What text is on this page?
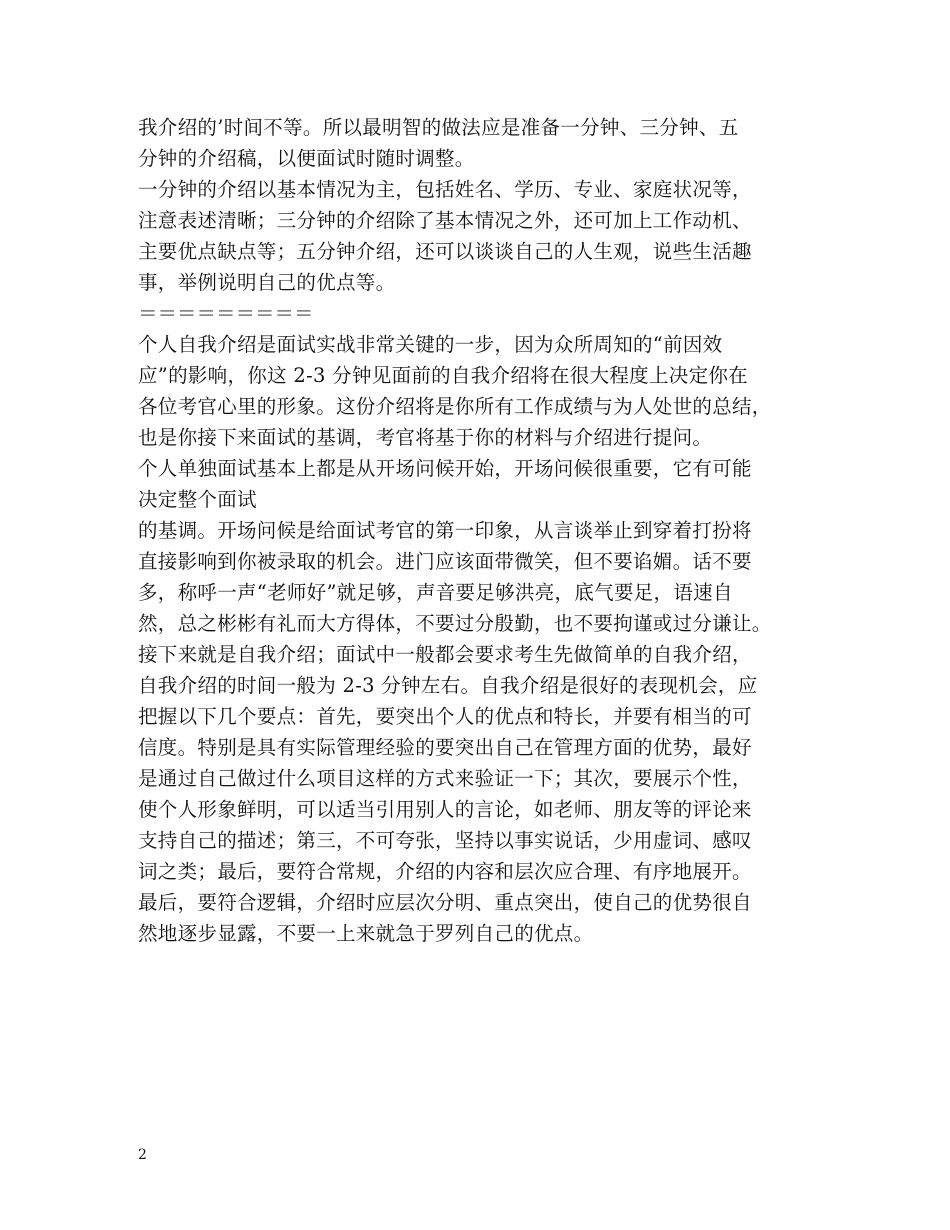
我介绍的’时间不等。所以最明智的做法应是准备一分钟、三分钟、五
分钟的介绍稿，以便面试时随时调整。
一分钟的介绍以基本情况为主，包括姓名、学历、专业、家庭状况等，
注意表述清晰；三分钟的介绍除了基本情况之外，还可加上工作动机、
主要优点缺点等；五分钟介绍，还可以谈谈自己的人生观，说些生活趣
事，举例说明自己的优点等。
＝＝＝＝＝＝＝＝＝
个人自我介绍是面试实战非常关键的一步，因为众所周知的“前因效
应”的影响，你这 2-3 分钟见面前的自我介绍将在很大程度上决定你在
各位考官心里的形象。这份介绍将是你所有工作成绩与为人处世的总结，
也是你接下来面试的基调，考官将基于你的材料与介绍进行提问。
个人单独面试基本上都是从开场问候开始，开场问候很重要，它有可能
决定整个面试
的基调。开场问候是给面试考官的第一印象，从言谈举止到穿着打扮将
直接影响到你被录取的机会。进门应该面带微笑，但不要谄媚。话不要
多，称呼一声“老师好”就足够，声音要足够洪亮，底气要足，语速自
然，总之彬彬有礼而大方得体，不要过分殷勤，也不要拘谨或过分谦让。
接下来就是自我介绍；面试中一般都会要求考生先做简单的自我介绍，
自我介绍的时间一般为 2-3 分钟左右。自我介绍是很好的表现机会，应
把握以下几个要点：首先，要突出个人的优点和特长，并要有相当的可
信度。特别是具有实际管理经验的要突出自己在管理方面的优势，最好
是通过自己做过什么项目这样的方式来验证一下；其次，要展示个性，
使个人形象鲜明，可以适当引用别人的言论，如老师、朋友等的评论来
支持自己的描述；第三，不可夸张，坚持以事实说话，少用虚词、感叹
词之类；最后，要符合常规，介绍的内容和层次应合理、有序地展开。
最后，要符合逻辑，介绍时应层次分明、重点突出，使自己的优势很自
然地逐步显露，不要一上来就急于罗列自己的优点。
2
